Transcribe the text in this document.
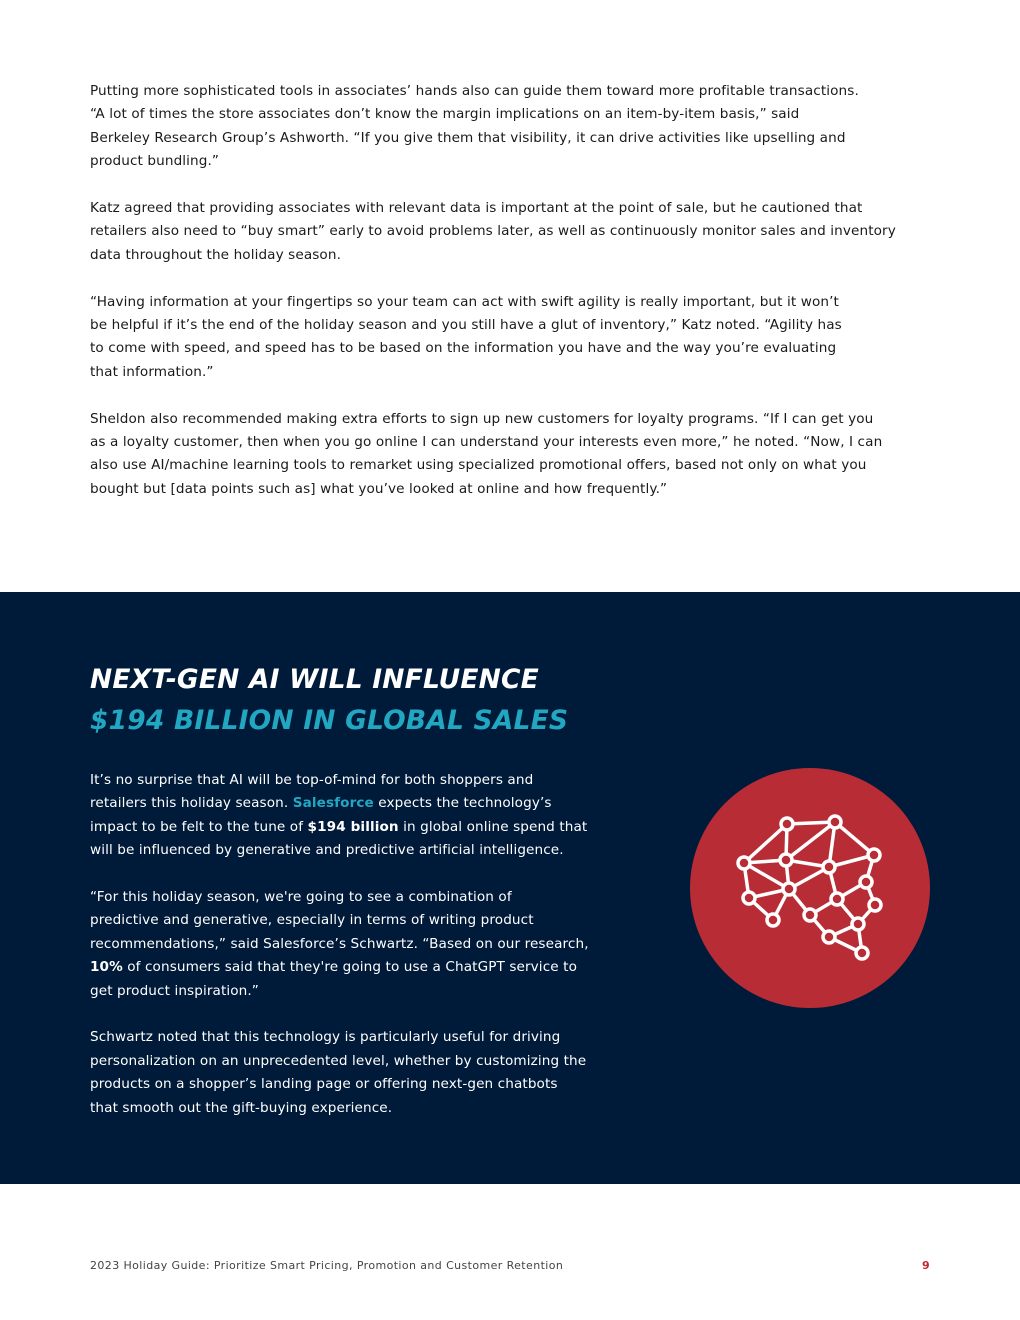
Putting more sophisticated tools in associates’ hands also can guide them toward more profitable transactions.
“A lot of times the store associates don’t know the margin implications on an item-by-item basis,” said
Berkeley Research Group’s Ashworth. “If you give them that visibility, it can drive activities like upselling and
product bundling.”

Katz agreed that providing associates with relevant data is important at the point of sale, but he cautioned that
retailers also need to “buy smart” early to avoid problems later, as well as continuously monitor sales and inventory
data throughout the holiday season.

“Having information at your fingertips so your team can act with swift agility is really important, but it won’t
be helpful if it’s the end of the holiday season and you still have a glut of inventory,” Katz noted. “Agility has
to come with speed, and speed has to be based on the information you have and the way you’re evaluating
that information.”

Sheldon also recommended making extra efforts to sign up new customers for loyalty programs. “If I can get you
as a loyalty customer, then when you go online I can understand your interests even more,” he noted. “Now, I can
also use AI/machine learning tools to remarket using specialized promotional offers, based not only on what you
bought but [data points such as] what you’ve looked at online and how frequently.”

NEXT-GEN AI WILL INFLUENCE
$194 BILLION IN GLOBAL SALES

It’s no surprise that AI will be top-of-mind for both shoppers and
retailers this holiday season. Salesforce expects the technology’s
impact to be felt to the tune of $194 billion in global online spend that
will be influenced by generative and predictive artificial intelligence.

“For this holiday season, we're going to see a combination of
predictive and generative, especially in terms of writing product
recommendations,” said Salesforce’s Schwartz. “Based on our research,
10% of consumers said that they're going to use a ChatGPT service to
get product inspiration.”

Schwartz noted that this technology is particularly useful for driving
personalization on an unprecedented level, whether by customizing the
products on a shopper’s landing page or offering next-gen chatbots
that smooth out the gift-buying experience.

2023 Holiday Guide: Prioritize Smart Pricing, Promotion and Customer Retention	9
